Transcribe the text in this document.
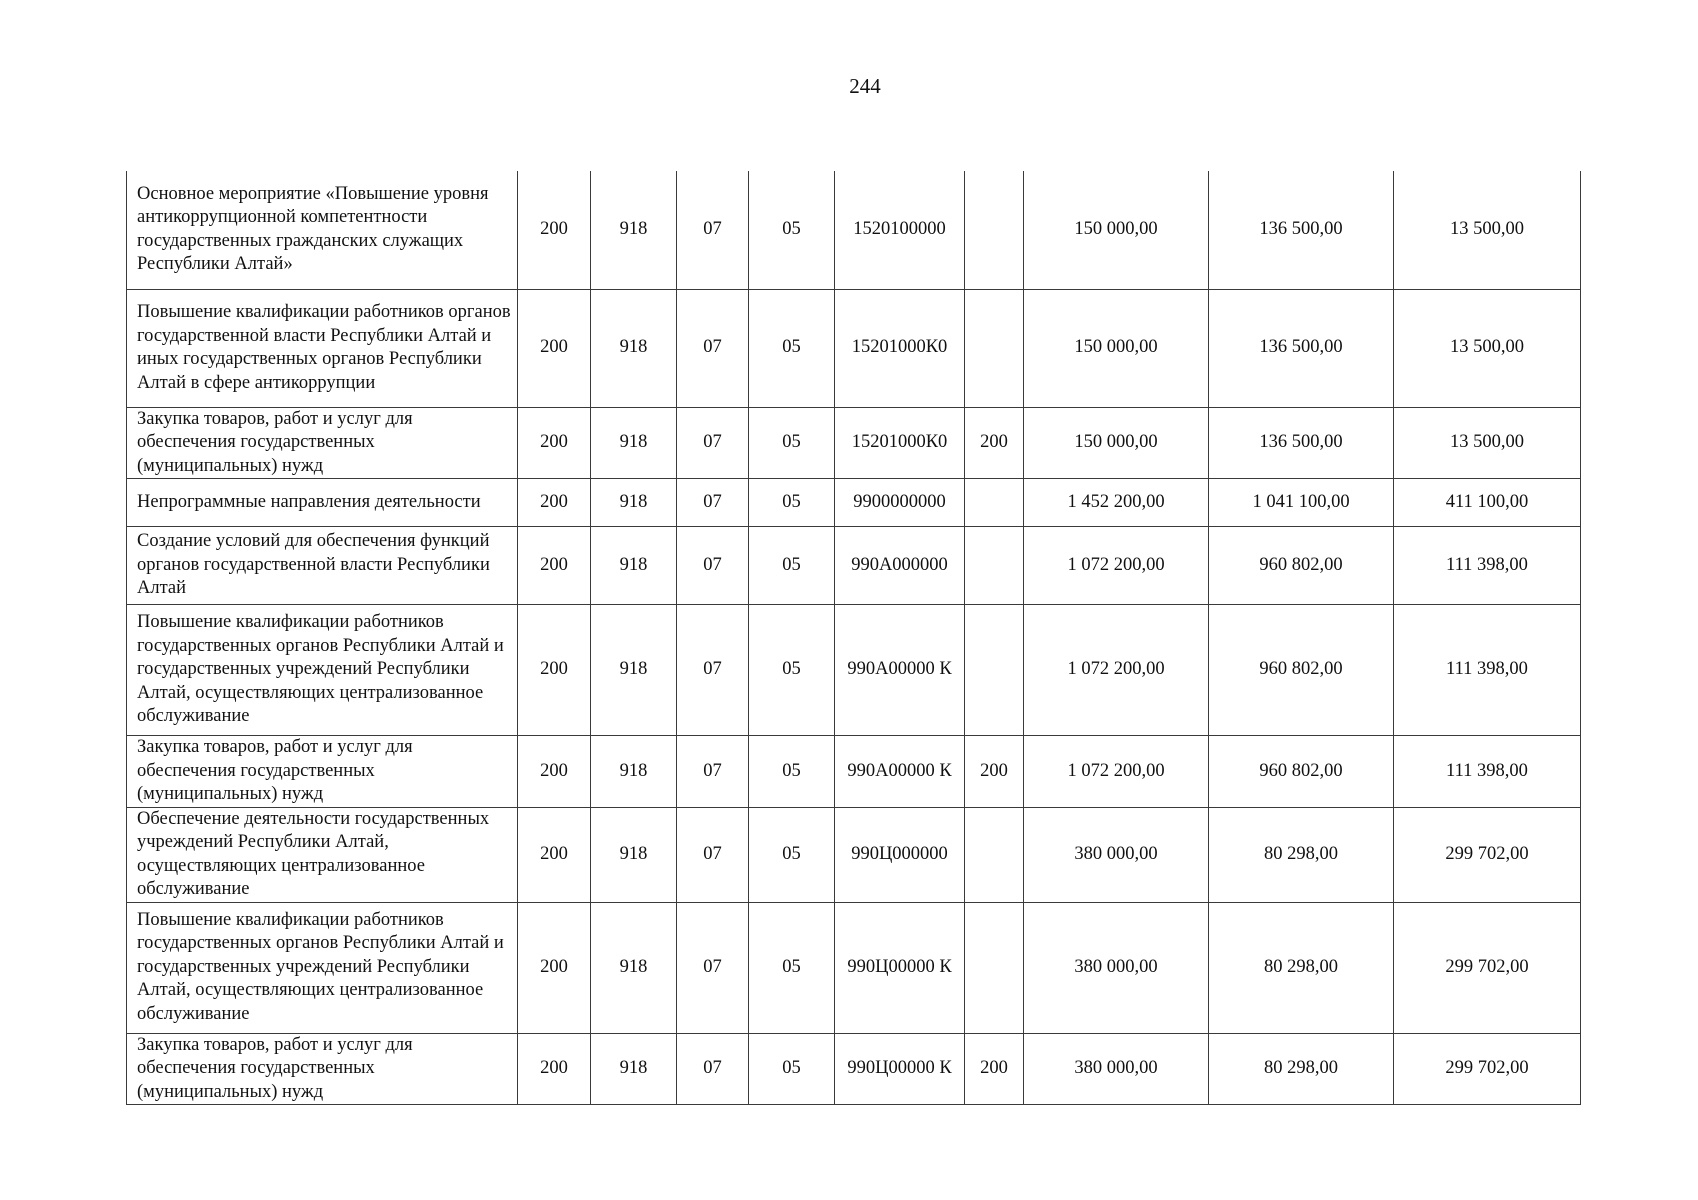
244
Основное мероприятие «Повышение уровня антикоррупционной компетентности государственных гражданских служащих Республики Алтай»	200	918	07	05	1520100000		150 000,00	136 500,00	13 500,00
Повышение квалификации работников органов государственной власти Республики Алтай и иных государственных органов Республики Алтай в сфере антикоррупции	200	918	07	05	15201000К0		150 000,00	136 500,00	13 500,00
Закупка товаров, работ и услуг для обеспечения государственных (муниципальных) нужд	200	918	07	05	15201000К0	200	150 000,00	136 500,00	13 500,00
Непрограммные направления деятельности	200	918	07	05	9900000000		1 452 200,00	1 041 100,00	411 100,00
Создание условий для обеспечения функций органов государственной власти Республики Алтай	200	918	07	05	990А000000		1 072 200,00	960 802,00	111 398,00
Повышение квалификации работников государственных органов Республики Алтай и государственных учреждений Республики Алтай, осуществляющих централизованное обслуживание	200	918	07	05	990А00000 К		1 072 200,00	960 802,00	111 398,00
Закупка товаров, работ и услуг для обеспечения государственных (муниципальных) нужд	200	918	07	05	990А00000 К	200	1 072 200,00	960 802,00	111 398,00
Обеспечение деятельности государственных учреждений Республики Алтай, осуществляющих централизованное обслуживание	200	918	07	05	990Ц000000		380 000,00	80 298,00	299 702,00
Повышение квалификации работников государственных органов Республики Алтай и государственных учреждений Республики Алтай, осуществляющих централизованное обслуживание	200	918	07	05	990Ц00000 К		380 000,00	80 298,00	299 702,00
Закупка товаров, работ и услуг для обеспечения государственных (муниципальных) нужд	200	918	07	05	990Ц00000 К	200	380 000,00	80 298,00	299 702,00
